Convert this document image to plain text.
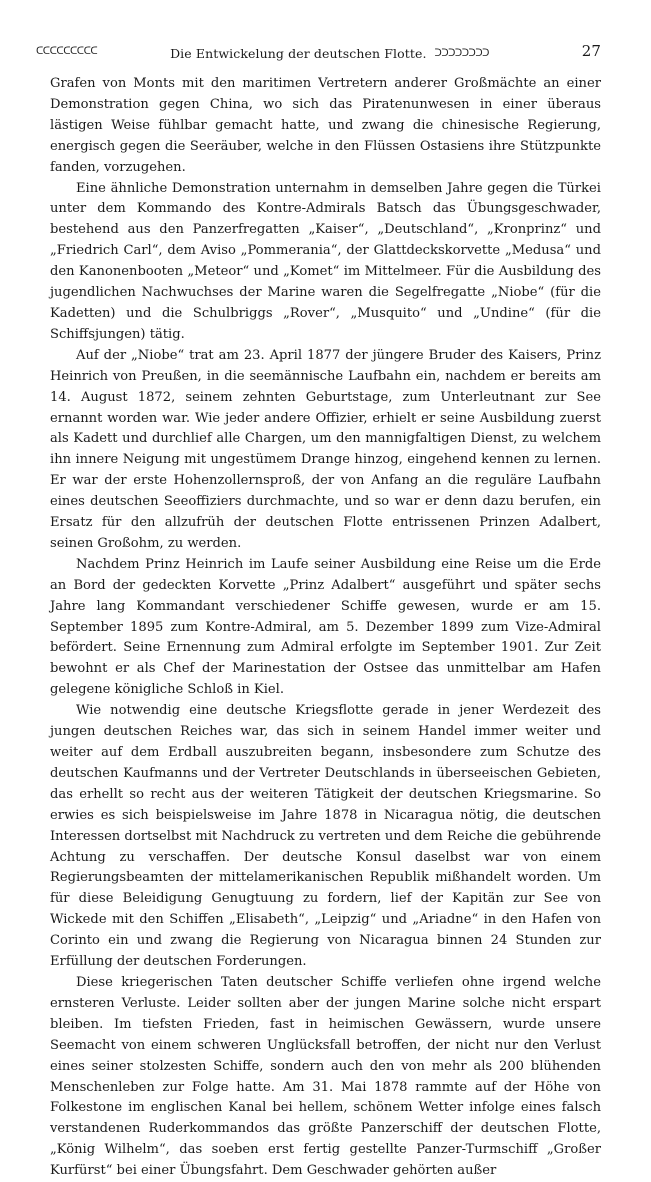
ᑕᑕᑕᑕᑕᑕᑕᑕᑕ	Die Entwickelung der deutschen Flotte. ᑐᑐᑐᑐᑐᑐᑐᑐ	27

Grafen von Monts mit den maritimen Vertretern anderer Großmächte an einer Demonstration gegen China, wo sich das Piratenunwesen in einer überaus lästigen Weise fühlbar gemacht hatte, und zwang die chinesische Regierung, energisch gegen die Seeräuber, welche in den Flüssen Ostasiens ihre Stützpunkte fanden, vorzugehen.

Eine ähnliche Demonstration unternahm in demselben Jahre gegen die Türkei unter dem Kommando des Kontre-Admirals Batsch das Übungsgeschwader, bestehend aus den Panzerfregatten „Kaiser“, „Deutschland“, „Kronprinz“ und „Friedrich Carl“, dem Aviso „Pommerania“, der Glattdeckskorvette „Medusa“ und den Kanonenbooten „Meteor“ und „Komet“ im Mittelmeer. Für die Ausbildung des jugendlichen Nachwuchses der Marine waren die Segelfregatte „Niobe“ (für die Kadetten) und die Schulbriggs „Rover“, „Musquito“ und „Undine“ (für die Schiffsjungen) tätig.

Auf der „Niobe“ trat am 23. April 1877 der jüngere Bruder des Kaisers, Prinz Heinrich von Preußen, in die seemännische Laufbahn ein, nachdem er bereits am 14. August 1872, seinem zehnten Geburtstage, zum Unterleutnant zur See ernannt worden war. Wie jeder andere Offizier, erhielt er seine Ausbildung zuerst als Kadett und durchlief alle Chargen, um den mannigfaltigen Dienst, zu welchem ihn innere Neigung mit ungestümem Drange hinzog, eingehend kennen zu lernen. Er war der erste Hohenzollernsproß, der von Anfang an die reguläre Laufbahn eines deutschen Seeoffiziers durchmachte, und so war er denn dazu berufen, ein Ersatz für den allzufrüh der deutschen Flotte entrissenen Prinzen Adalbert, seinen Großohm, zu werden.

Nachdem Prinz Heinrich im Laufe seiner Ausbildung eine Reise um die Erde an Bord der gedeckten Korvette „Prinz Adalbert“ ausgeführt und später sechs Jahre lang Kommandant verschiedener Schiffe gewesen, wurde er am 15. September 1895 zum Kontre-Admiral, am 5. Dezember 1899 zum Vize-Admiral befördert. Seine Ernennung zum Admiral erfolgte im September 1901. Zur Zeit bewohnt er als Chef der Marinestation der Ostsee das unmittelbar am Hafen gelegene königliche Schloß in Kiel.

Wie notwendig eine deutsche Kriegsflotte gerade in jener Werdezeit des jungen deutschen Reiches war, das sich in seinem Handel immer weiter und weiter auf dem Erdball auszubreiten begann, insbesondere zum Schutze des deutschen Kaufmanns und der Vertreter Deutschlands in überseeischen Gebieten, das erhellt so recht aus der weiteren Tätigkeit der deutschen Kriegsmarine. So erwies es sich beispielsweise im Jahre 1878 in Nicaragua nötig, die deutschen Interessen dortselbst mit Nachdruck zu vertreten und dem Reiche die gebührende Achtung zu verschaffen. Der deutsche Konsul daselbst war von einem Regierungsbeamten der mittelamerikanischen Republik mißhandelt worden. Um für diese Beleidigung Genugtuung zu fordern, lief der Kapitän zur See von Wickede mit den Schiffen „Elisabeth“, „Leipzig“ und „Ariadne“ in den Hafen von Corinto ein und zwang die Regierung von Nicaragua binnen 24 Stunden zur Erfüllung der deutschen Forderungen.

Diese kriegerischen Taten deutscher Schiffe verliefen ohne irgend welche ernsteren Verluste. Leider sollten aber der jungen Marine solche nicht erspart bleiben. Im tiefsten Frieden, fast in heimischen Gewässern, wurde unsere Seemacht von einem schweren Unglücksfall betroffen, der nicht nur den Verlust eines seiner stolzesten Schiffe, sondern auch den von mehr als 200 blühenden Menschenleben zur Folge hatte. Am 31. Mai 1878 rammte auf der Höhe von Folkestone im englischen Kanal bei hellem, schönem Wetter infolge eines falsch verstandenen Ruderkommandos das größte Panzerschiff der deutschen Flotte, „König Wilhelm“, das soeben erst fertig gestellte Panzer-Turmschiff „Großer Kurfürst“ bei einer Übungsfahrt. Dem Geschwader gehörten außer
